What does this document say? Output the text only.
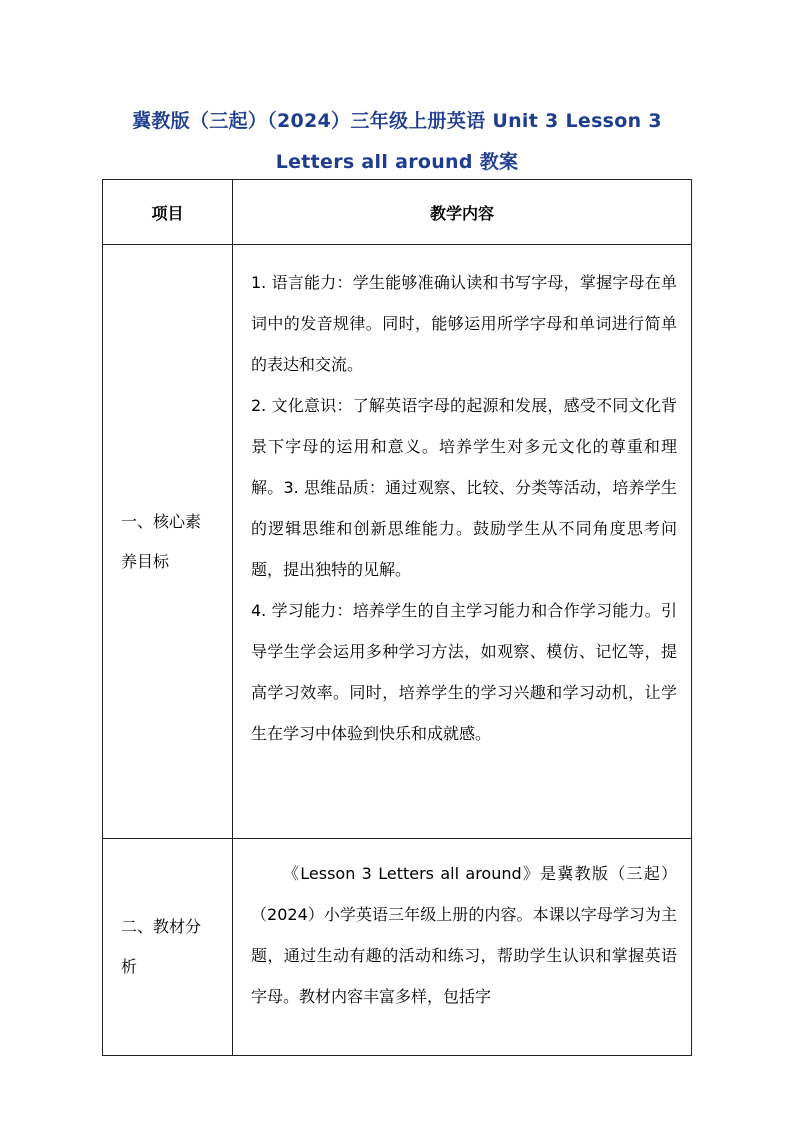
冀教版（三起）（2024）三年级上册英语 Unit 3 Lesson 3
Letters all around 教案
项目	教学内容
一、核心素养目标	1. 语言能力：学生能够准确认读和书写字母，掌握字母在单词中的发音规律。同时，能够运用所学字母和单词进行简单的表达和交流。

2. 文化意识：了解英语字母的起源和发展，感受不同文化背景下字母的运用和意义。培养学生对多元文化的尊重和理解。3. 思维品质：通过观察、比较、分类等活动，培养学生的逻辑思维和创新思维能力。鼓励学生从不同角度思考问题，提出独特的见解。

4. 学习能力：培养学生的自主学习能力和合作学习能力。引导学生学会运用多种学习方法，如观察、模仿、记忆等，提高学习效率。同时，培养学生的学习兴趣和学习动机，让学生在学习中体验到快乐和成就感。

二、教材分析	《Lesson 3 Letters all around》是冀教版（三起）（2024）小学英语三年级上册的内容。本课以字母学习为主题，通过生动有趣的活动和练习，帮助学生认识和掌握英语字母。教材内容丰富多样，包括字
